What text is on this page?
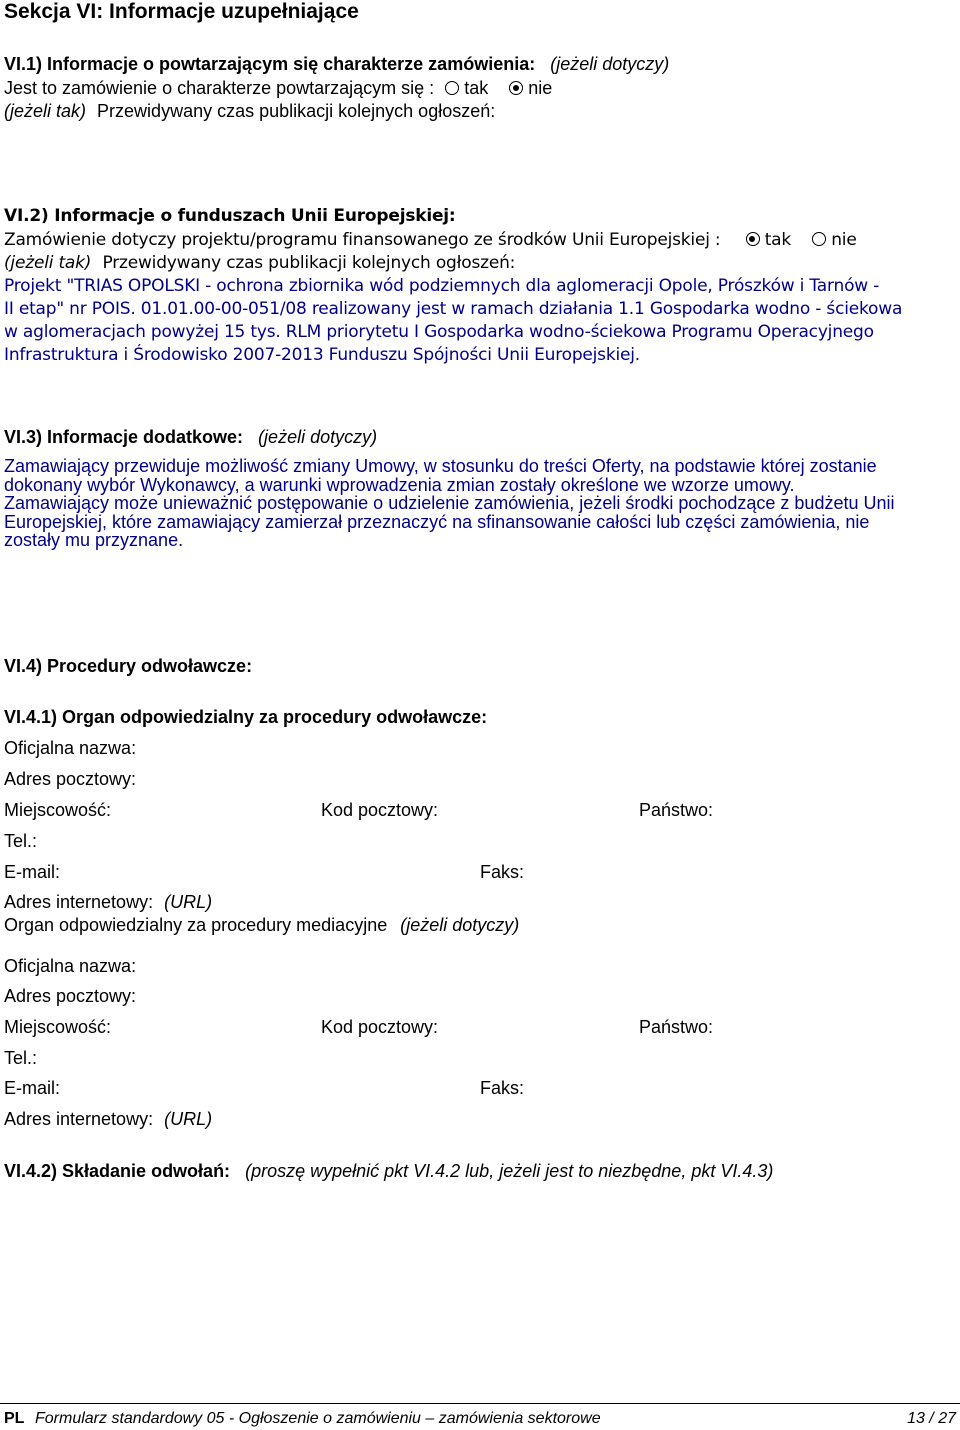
Sekcja VI: Informacje uzupełniające
VI.1) Informacje o powtarzającym się charakterze zamówienia: (jeżeli dotyczy)
Jest to zamówienie o charakterze powtarzającym się : tak nie
(jeżeli tak) Przewidywany czas publikacji kolejnych ogłoszeń:
VI.2) Informacje o funduszach Unii Europejskiej:
Zamówienie dotyczy projektu/programu finansowanego ze środków Unii Europejskiej :	tak nie
(jeżeli tak) Przewidywany czas publikacji kolejnych ogłoszeń:
Projekt "TRIAS OPOLSKI - ochrona zbiornika wód podziemnych dla aglomeracji Opole, Prószków i Tarnów -
II etap" nr POIS. 01.01.00-00-051/08 realizowany jest w ramach działania 1.1 Gospodarka wodno - ściekowa
w aglomeracjach powyżej 15 tys. RLM priorytetu I Gospodarka wodno-ściekowa Programu Operacyjnego
Infrastruktura i Środowisko 2007-2013 Funduszu Spójności Unii Europejskiej.
VI.3) Informacje dodatkowe: (jeżeli dotyczy)
Zamawiający przewiduje możliwość zmiany Umowy, w stosunku do treści Oferty, na podstawie której zostanie
dokonany wybór Wykonawcy, a warunki wprowadzenia zmian zostały określone we wzorze umowy.
Zamawiający może unieważnić postępowanie o udzielenie zamówienia, jeżeli środki pochodzące z budżetu Unii
Europejskiej, które zamawiający zamierzał przeznaczyć na sfinansowanie całości lub części zamówienia, nie
zostały mu przyznane.
VI.4) Procedury odwoławcze:
VI.4.1) Organ odpowiedzialny za procedury odwoławcze:
Oficjalna nazwa:
Adres pocztowy:
Miejscowość:	Kod pocztowy:	Państwo:
Tel.:
E-mail:	Faks:
Adres internetowy: (URL)
Organ odpowiedzialny za procedury mediacyjne (jeżeli dotyczy)
Oficjalna nazwa:
Adres pocztowy:
Miejscowość:	Kod pocztowy:	Państwo:
Tel.:
E-mail:	Faks:
Adres internetowy: (URL)
VI.4.2) Składanie odwołań: (proszę wypełnić pkt VI.4.2 lub, jeżeli jest to niezbędne, pkt VI.4.3)
PL Formularz standardowy 05 - Ogłoszenie o zamówieniu – zamówienia sektorowe	13 / 27
